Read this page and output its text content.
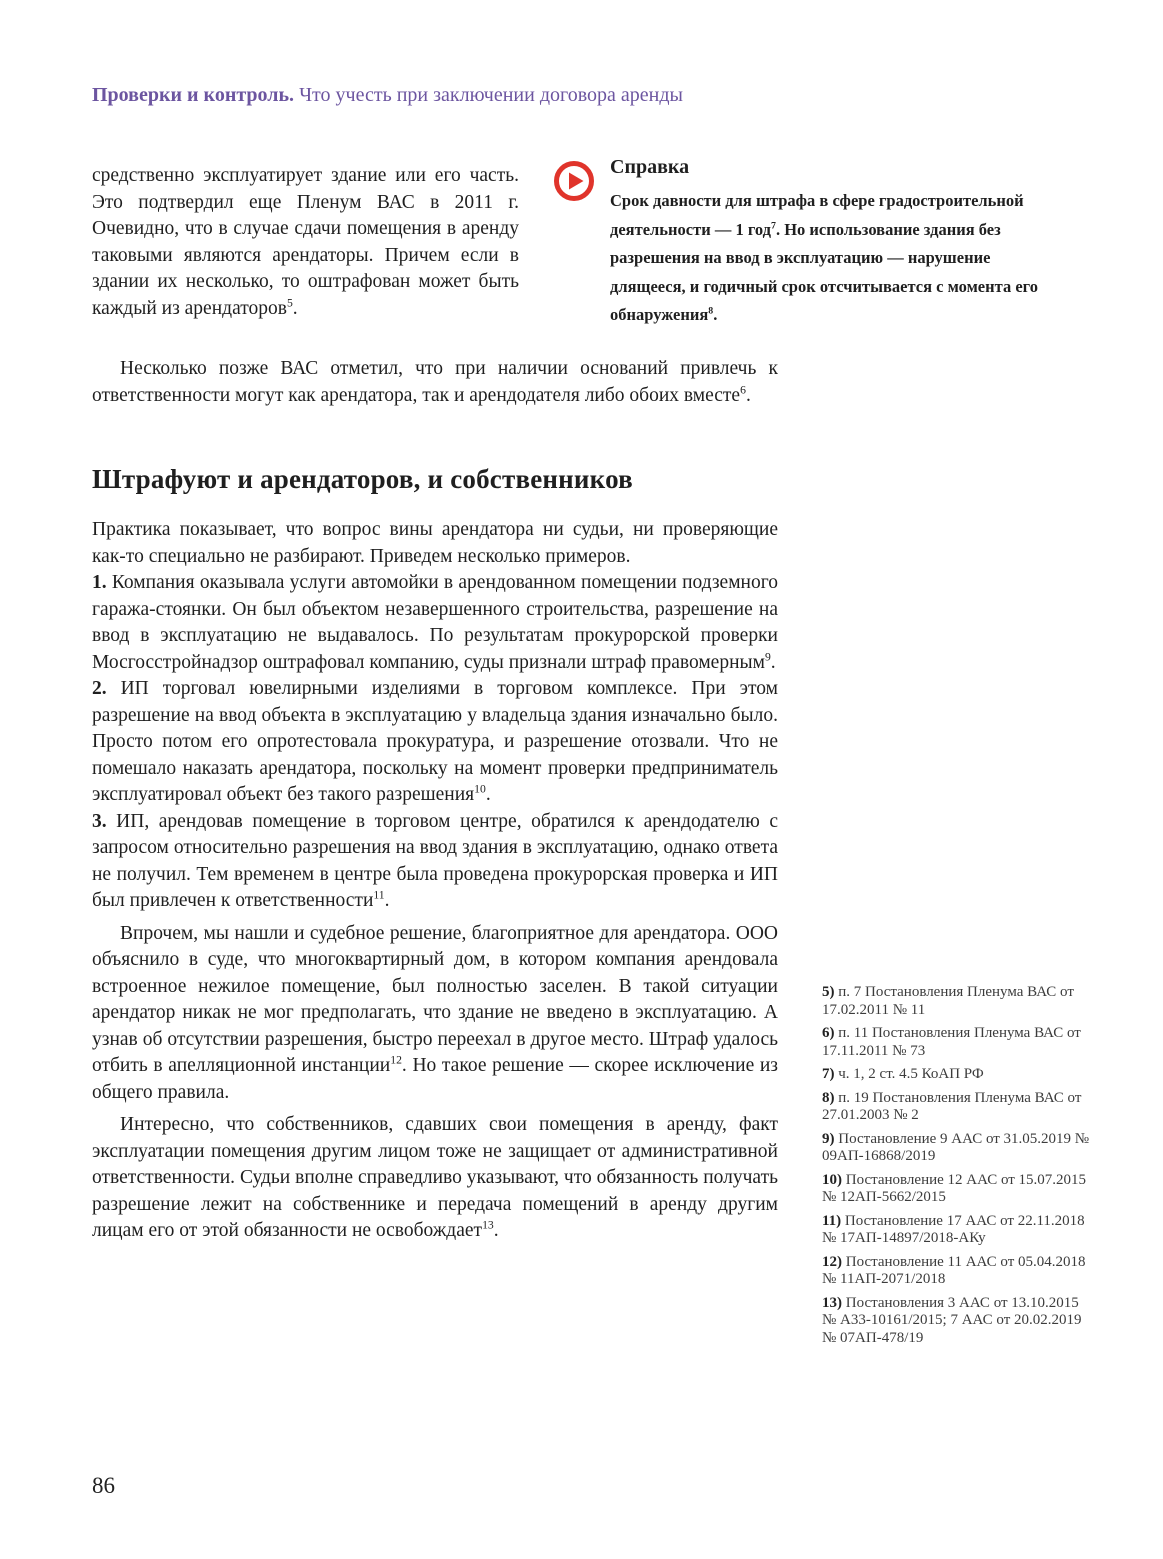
Проверки и контроль. Что учесть при заключении договора аренды

средственно эксплуатирует здание или его часть. Это подтвердил еще Пленум ВАС в 2011 г. Очевидно, что в случае сдачи помещения в аренду таковыми являются арендаторы. Причем если в здании их несколько, то оштрафован может быть каждый из арендаторов$^5$.

Справка
Срок давности для штрафа в сфере градостроительной деятельности — 1 год$^7$. Но использование здания без разрешения на ввод в эксплуатацию — нарушение длящееся, и годичный срок отсчитывается с момента его обнаружения$^8$.

Несколько позже ВАС отметил, что при наличии оснований привлечь к ответственности могут как арендатора, так и арендодателя либо обоих вместе$^6$.

Штрафуют и арендаторов, и собственников

Практика показывает, что вопрос вины арендатора ни судьи, ни проверяющие как-то специально не разбирают. Приведем несколько примеров.

1. Компания оказывала услуги автомойки в арендованном помещении подземного гаража-стоянки. Он был объектом незавершенного строительства, разрешение на ввод в эксплуатацию не выдавалось. По результатам прокурорской проверки Мосгосстройнадзор оштрафовал компанию, суды признали штраф правомерным$^9$.

2. ИП торговал ювелирными изделиями в торговом комплексе. При этом разрешение на ввод объекта в эксплуатацию у владельца здания изначально было. Просто потом его опротестовала прокуратура, и разрешение отозвали. Что не помешало наказать арендатора, поскольку на момент проверки предприниматель эксплуатировал объект без такого разрешения$^{10}$.

3. ИП, арендовав помещение в торговом центре, обратился к арендодателю с запросом относительно разрешения на ввод здания в эксплуатацию, однако ответа не получил. Тем временем в центре была проведена прокурорская проверка и ИП был привлечен к ответственности$^{11}$.

Впрочем, мы нашли и судебное решение, благоприятное для арендатора. ООО объяснило в суде, что многоквартирный дом, в котором компания арендовала встроенное нежилое помещение, был полностью заселен. В такой ситуации арендатор никак не мог предполагать, что здание не введено в эксплуатацию. А узнав об отсутствии разрешения, быстро переехал в другое место. Штраф удалось отбить в апелляционной инстанции$^{12}$. Но такое решение — скорее исключение из общего правила.

Интересно, что собственников, сдавших свои помещения в аренду, факт эксплуатации помещения другим лицом тоже не защищает от административной ответственности. Судьи вполне справедливо указывают, что обязанность получать разрешение лежит на собственнике и передача помещений в аренду другим лицам его от этой обязанности не освобождает$^{13}$.

5) п. 7 Постановления Пленума ВАС от 17.02.2011 № 11
6) п. 11 Постановления Пленума ВАС от 17.11.2011 № 73
7) ч. 1, 2 ст. 4.5 КоАП РФ
8) п. 19 Постановления Пленума ВАС от 27.01.2003 № 2
9) Постановление 9 ААС от 31.05.2019 № 09АП-16868/2019
10) Постановление 12 ААС от 15.07.2015 № 12АП-5662/2015
11) Постановление 17 ААС от 22.11.2018 № 17АП-14897/2018-АКу
12) Постановление 11 ААС от 05.04.2018 № 11АП-2071/2018
13) Постановления 3 ААС от 13.10.2015 № А33-10161/2015; 7 ААС от 20.02.2019 № 07АП-478/19
86
